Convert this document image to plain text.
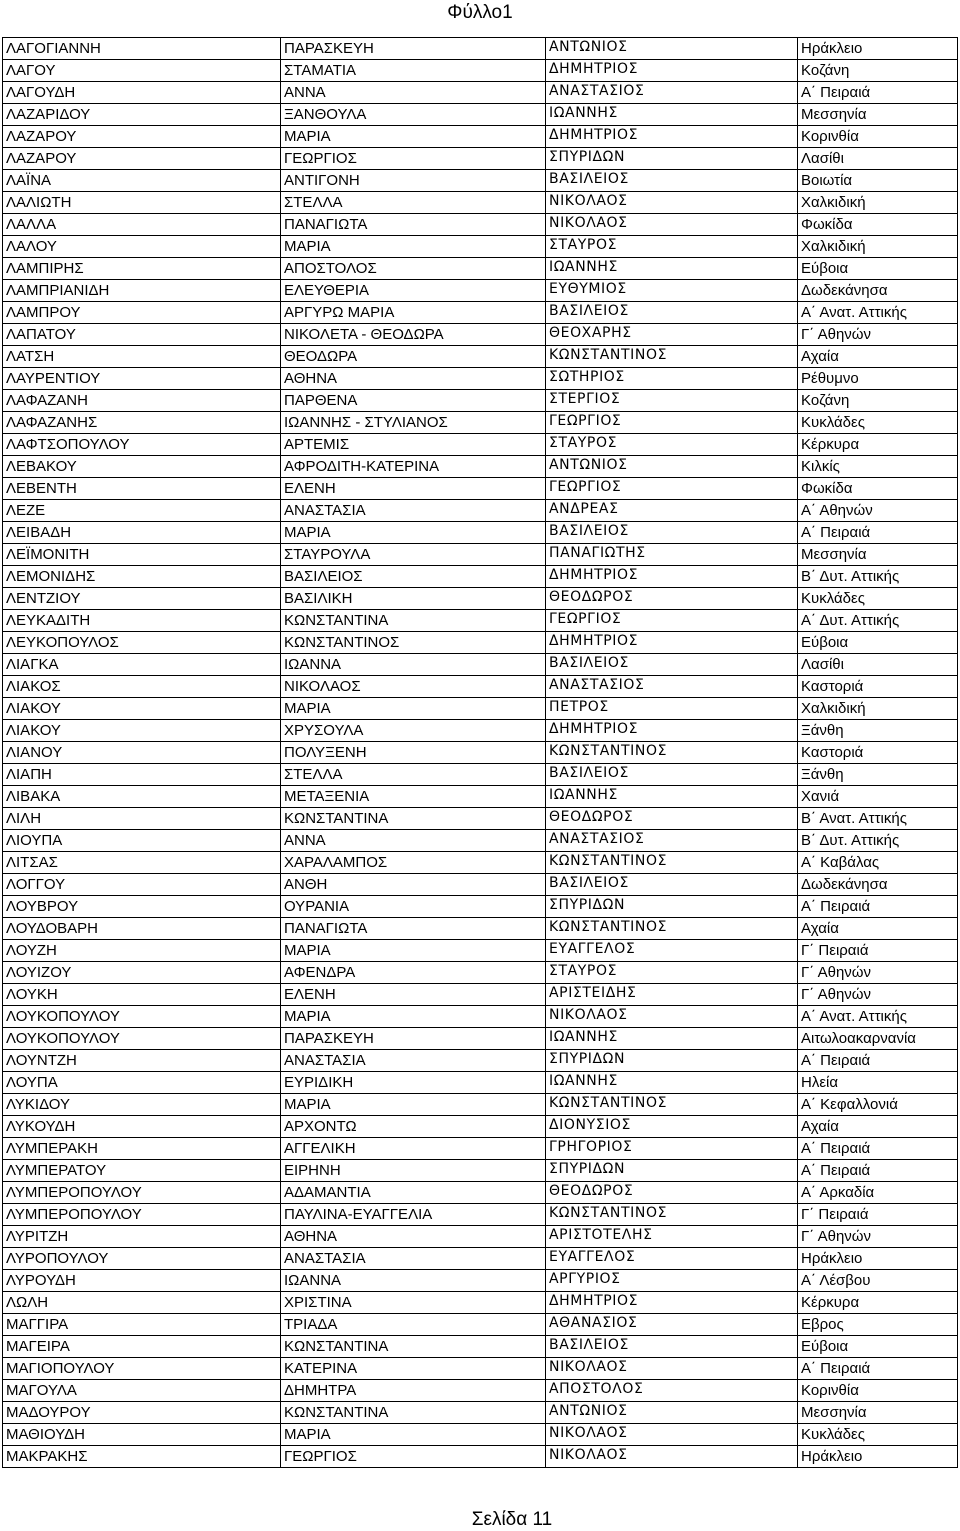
Φύλλο1
ΛΑΓΟΓΙΑΝΝΗ	ΠΑΡΑΣΚΕΥΗ	ΑΝΤΩΝΙΟΣ	Ηράκλειο
ΛΑΓΟΥ	ΣΤΑΜΑΤΙΑ	ΔΗΜΗΤΡΙΟΣ	Κοζάνη
ΛΑΓΟΥΔΗ	ΑΝΝΑ	ΑΝΑΣΤΑΣΙΟΣ	Α΄ Πειραιά
ΛΑΖΑΡΙΔΟΥ	ΞΑΝΘΟΥΛΑ	ΙΩΑΝΝΗΣ	Μεσσηνία
ΛΑΖΑΡΟΥ	ΜΑΡΙΑ	ΔΗΜΗΤΡΙΟΣ	Κορινθία
ΛΑΖΑΡΟΥ	ΓΕΩΡΓΙΟΣ	ΣΠΥΡΙΔΩΝ	Λασίθι
ΛΑΪΝΑ	ΑΝΤΙΓΟΝΗ	ΒΑΣΙΛΕΙΟΣ	Βοιωτία
ΛΑΛΙΩΤΗ	ΣΤΕΛΛΑ	ΝΙΚΟΛΑΟΣ	Χαλκιδική
ΛΑΛΛΑ	ΠΑΝΑΓΙΩΤΑ	ΝΙΚΟΛΑΟΣ	Φωκίδα
ΛΑΛΟΥ	ΜΑΡΙΑ	ΣΤΑΥΡΟΣ	Χαλκιδική
ΛΑΜΠΙΡΗΣ	ΑΠΟΣΤΟΛΟΣ	ΙΩΑΝΝΗΣ	Εύβοια
ΛΑΜΠΡΙΑΝΙΔΗ	ΕΛΕΥΘΕΡΙΑ	ΕΥΘΥΜΙΟΣ	Δωδεκάνησα
ΛΑΜΠΡΟΥ	ΑΡΓΥΡΩ ΜΑΡΙΑ	ΒΑΣΙΛΕΙΟΣ	Α΄ Ανατ. Αττικής
ΛΑΠΑΤΟΥ	ΝΙΚΟΛΕΤΑ - ΘΕΟΔΩΡΑ	ΘΕΟΧΑΡΗΣ	Γ΄ Αθηνών
ΛΑΤΣΗ	ΘΕΟΔΩΡΑ	ΚΩΝΣΤΑΝΤΙΝΟΣ	Αχαία
ΛΑΥΡΕΝΤΙΟΥ	ΑΘΗΝΑ	ΣΩΤΗΡΙΟΣ	Ρέθυμνο
ΛΑΦΑΖΑΝΗ	ΠΑΡΘΕΝΑ	ΣΤΕΡΓΙΟΣ	Κοζάνη
ΛΑΦΑΖΑΝΗΣ	ΙΩΑΝΝΗΣ - ΣΤΥΛΙΑΝΟΣ	ΓΕΩΡΓΙΟΣ	Κυκλάδες
ΛΑΦΤΣΟΠΟΥΛΟΥ	ΑΡΤΕΜΙΣ	ΣΤΑΥΡΟΣ	Κέρκυρα
ΛΕΒΑΚΟΥ	ΑΦΡΟΔΙΤΗ-ΚΑΤΕΡΙΝΑ	ΑΝΤΩΝΙΟΣ	Κιλκίς
ΛΕΒΕΝΤΗ	ΕΛΕΝΗ	ΓΕΩΡΓΙΟΣ	Φωκίδα
ΛΕΖΕ	ΑΝΑΣΤΑΣΙΑ	ΑΝΔΡΕΑΣ	Α΄ Αθηνών
ΛΕΙΒΑΔΗ	ΜΑΡΙΑ	ΒΑΣΙΛΕΙΟΣ	Α΄ Πειραιά
ΛΕΪΜΟΝΙΤΗ	ΣΤΑΥΡΟΥΛΑ	ΠΑΝΑΓΙΩΤΗΣ	Μεσσηνία
ΛΕΜΟΝΙΔΗΣ	ΒΑΣΙΛΕΙΟΣ	ΔΗΜΗΤΡΙΟΣ	Β΄ Δυτ. Αττικής
ΛΕΝΤΖΙΟΥ	ΒΑΣΙΛΙΚΗ	ΘΕΟΔΩΡΟΣ	Κυκλάδες
ΛΕΥΚΑΔΙΤΗ	ΚΩΝΣΤΑΝΤΙΝΑ	ΓΕΩΡΓΙΟΣ	Α΄ Δυτ. Αττικής
ΛΕΥΚΟΠΟΥΛΟΣ	ΚΩΝΣΤΑΝΤΙΝΟΣ	ΔΗΜΗΤΡΙΟΣ	Εύβοια
ΛΙΑΓΚΑ	ΙΩΑΝΝΑ	ΒΑΣΙΛΕΙΟΣ	Λασίθι
ΛΙΑΚΟΣ	ΝΙΚΟΛΑΟΣ	ΑΝΑΣΤΑΣΙΟΣ	Καστοριά
ΛΙΑΚΟΥ	ΜΑΡΙΑ	ΠΕΤΡΟΣ	Χαλκιδική
ΛΙΑΚΟΥ	ΧΡΥΣΟΥΛΑ	ΔΗΜΗΤΡΙΟΣ	Ξάνθη
ΛΙΑΝΟΥ	ΠΟΛΥΞΕΝΗ	ΚΩΝΣΤΑΝΤΙΝΟΣ	Καστοριά
ΛΙΑΠΗ	ΣΤΕΛΛΑ	ΒΑΣΙΛΕΙΟΣ	Ξάνθη
ΛΙΒΑΚΑ	ΜΕΤΑΞΕΝΙΑ	ΙΩΑΝΝΗΣ	Χανιά
ΛΙΛΗ	ΚΩΝΣΤΑΝΤΙΝΑ	ΘΕΟΔΩΡΟΣ	Β΄ Ανατ. Αττικής
ΛΙΟΥΠΑ	ΑΝΝΑ	ΑΝΑΣΤΑΣΙΟΣ	Β΄ Δυτ. Αττικής
ΛΙΤΣΑΣ	ΧΑΡΑΛΑΜΠΟΣ	ΚΩΝΣΤΑΝΤΙΝΟΣ	Α΄ Καβάλας
ΛΟΓΓΟΥ	ΑΝΘΗ	ΒΑΣΙΛΕΙΟΣ	Δωδεκάνησα
ΛΟΥΒΡΟΥ	ΟΥΡΑΝΙΑ	ΣΠΥΡΙΔΩΝ	Α΄ Πειραιά
ΛΟΥΔΟΒΑΡΗ	ΠΑΝΑΓΙΩΤΑ	ΚΩΝΣΤΑΝΤΙΝΟΣ	Αχαία
ΛΟΥΖΗ	ΜΑΡΙΑ	ΕΥΑΓΓΕΛΟΣ	Γ΄ Πειραιά
ΛΟΥΙΖΟΥ	ΑΦΕΝΔΡΑ	ΣΤΑΥΡΟΣ	Γ΄ Αθηνών
ΛΟΥΚΗ	ΕΛΕΝΗ	ΑΡΙΣΤΕΙΔΗΣ	Γ΄ Αθηνών
ΛΟΥΚΟΠΟΥΛΟΥ	ΜΑΡΙΑ	ΝΙΚΟΛΑΟΣ	Α΄ Ανατ. Αττικής
ΛΟΥΚΟΠΟΥΛΟΥ	ΠΑΡΑΣΚΕΥΗ	ΙΩΑΝΝΗΣ	Αιτωλοακαρνανία
ΛΟΥΝΤΖΗ	ΑΝΑΣΤΑΣΙΑ	ΣΠΥΡΙΔΩΝ	Α΄ Πειραιά
ΛΟΥΠΑ	ΕΥΡΙΔΙΚΗ	ΙΩΑΝΝΗΣ	Ηλεία
ΛΥΚΙΔΟΥ	ΜΑΡΙΑ	ΚΩΝΣΤΑΝΤΙΝΟΣ	Α΄ Κεφαλλονιά
ΛΥΚΟΥΔΗ	ΑΡΧΟΝΤΩ	ΔΙΟΝΥΣΙΟΣ	Αχαία
ΛΥΜΠΕΡΑΚΗ	ΑΓΓΕΛΙΚΗ	ΓΡΗΓΟΡΙΟΣ	Α΄ Πειραιά
ΛΥΜΠΕΡΑΤΟΥ	ΕΙΡΗΝΗ	ΣΠΥΡΙΔΩΝ	Α΄ Πειραιά
ΛΥΜΠΕΡΟΠΟΥΛΟΥ	ΑΔΑΜΑΝΤΙΑ	ΘΕΟΔΩΡΟΣ	Α΄ Αρκαδία
ΛΥΜΠΕΡΟΠΟΥΛΟΥ	ΠΑΥΛΙΝΑ-ΕΥΑΓΓΕΛΙΑ	ΚΩΝΣΤΑΝΤΙΝΟΣ	Γ΄ Πειραιά
ΛΥΡΙΤΖΗ	ΑΘΗΝΑ	ΑΡΙΣΤΟΤΕΛΗΣ	Γ΄ Αθηνών
ΛΥΡΟΠΟΥΛΟΥ	ΑΝΑΣΤΑΣΙΑ	ΕΥΑΓΓΕΛΟΣ	Ηράκλειο
ΛΥΡΟΥΔΗ	ΙΩΑΝΝΑ	ΑΡΓΥΡΙΟΣ	Α΄ Λέσβου
ΛΩΛΗ	ΧΡΙΣΤΙΝΑ	ΔΗΜΗΤΡΙΟΣ	Κέρκυρα
ΜΑΓΓΙΡΑ	ΤΡΙΑΔΑ	ΑΘΑΝΑΣΙΟΣ	Εβρος
ΜΑΓΕΙΡΑ	ΚΩΝΣΤΑΝΤΙΝΑ	ΒΑΣΙΛΕΙΟΣ	Εύβοια
ΜΑΓΙΟΠΟΥΛΟΥ	ΚΑΤΕΡΙΝΑ	ΝΙΚΟΛΑΟΣ	Α΄ Πειραιά
ΜΑΓΟΥΛΑ	ΔΗΜΗΤΡΑ	ΑΠΟΣΤΟΛΟΣ	Κορινθία
ΜΑΔΟΥΡΟΥ	ΚΩΝΣΤΑΝΤΙΝΑ	ΑΝΤΩΝΙΟΣ	Μεσσηνία
ΜΑΘΙΟΥΔΗ	ΜΑΡΙΑ	ΝΙΚΟΛΑΟΣ	Κυκλάδες
ΜΑΚΡΑΚΗΣ	ΓΕΩΡΓΙΟΣ	ΝΙΚΟΛΑΟΣ	Ηράκλειο
Σελίδα 11
